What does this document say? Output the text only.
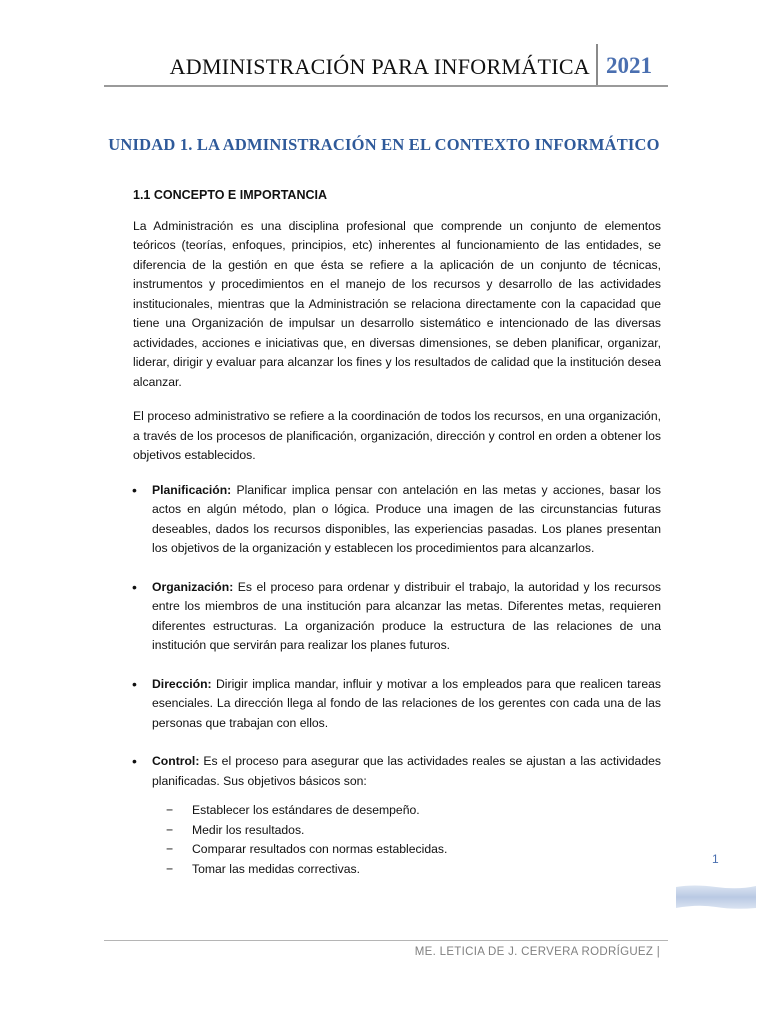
ADMINISTRACIÓN PARA INFORMÁTICA 2021
UNIDAD 1. LA ADMINISTRACIÓN EN EL CONTEXTO INFORMÁTICO
1.1 CONCEPTO E IMPORTANCIA

La Administración es una disciplina profesional que comprende un conjunto de elementos teóricos (teorías, enfoques, principios, etc) inherentes al funcionamiento de las entidades, se diferencia de la gestión en que ésta se refiere a la aplicación de un conjunto de técnicas, instrumentos y procedimientos en el manejo de los recursos y desarrollo de las actividades institucionales, mientras que la Administración se relaciona directamente con la capacidad que tiene una Organización de impulsar un desarrollo sistemático e intencionado de las diversas actividades, acciones e iniciativas que, en diversas dimensiones, se deben planificar, organizar, liderar, dirigir y evaluar para alcanzar los fines y los resultados de calidad que la institución desea alcanzar.

El proceso administrativo se refiere a la coordinación de todos los recursos, en una organización, a través de los procesos de planificación, organización, dirección y control en orden a obtener los objetivos establecidos.

• Planificación: Planificar implica pensar con antelación en las metas y acciones, basar los actos en algún método, plan o lógica. Produce una imagen de las circunstancias futuras deseables, dados los recursos disponibles, las experiencias pasadas. Los planes presentan los objetivos de la organización y establecen los procedimientos para alcanzarlos.
• Organización: Es el proceso para ordenar y distribuir el trabajo, la autoridad y los recursos entre los miembros de una institución para alcanzar las metas. Diferentes metas, requieren diferentes estructuras. La organización produce la estructura de las relaciones de una institución que servirán para realizar los planes futuros.
• Dirección: Dirigir implica mandar, influir y motivar a los empleados para que realicen tareas esenciales. La dirección llega al fondo de las relaciones de los gerentes con cada una de las personas que trabajan con ellos.
• Control: Es el proceso para asegurar que las actividades reales se ajustan a las actividades planificadas. Sus objetivos básicos son:
− Establecer los estándares de desempeño.
− Medir los resultados.
− Comparar resultados con normas establecidas.
− Tomar las medidas correctivas.
1
ME. LETICIA DE J. CERVERA RODRÍGUEZ |
